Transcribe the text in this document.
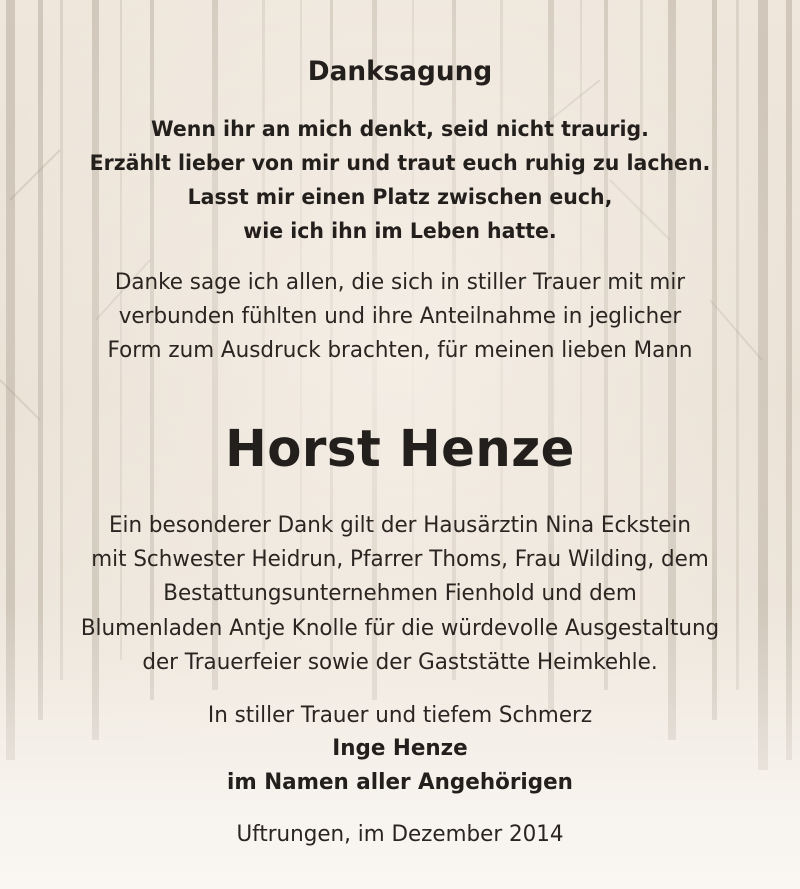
Danksagung
Wenn ihr an mich denkt, seid nicht traurig.
Erzählt lieber von mir und traut euch ruhig zu lachen.
Lasst mir einen Platz zwischen euch,
wie ich ihn im Leben hatte.
Danke sage ich allen, die sich in stiller Trauer mit mir
verbunden fühlten und ihre Anteilnahme in jeglicher
Form zum Ausdruck brachten, für meinen lieben Mann
Horst Henze
Ein besonderer Dank gilt der Hausärztin Nina Eckstein
mit Schwester Heidrun, Pfarrer Thoms, Frau Wilding, dem
Bestattungsunternehmen Fienhold und dem
Blumenladen Antje Knolle für die würdevolle Ausgestaltung
der Trauerfeier sowie der Gaststätte Heimkehle.
In stiller Trauer und tiefem Schmerz
Inge Henze
im Namen aller Angehörigen
Uftrungen, im Dezember 2014
